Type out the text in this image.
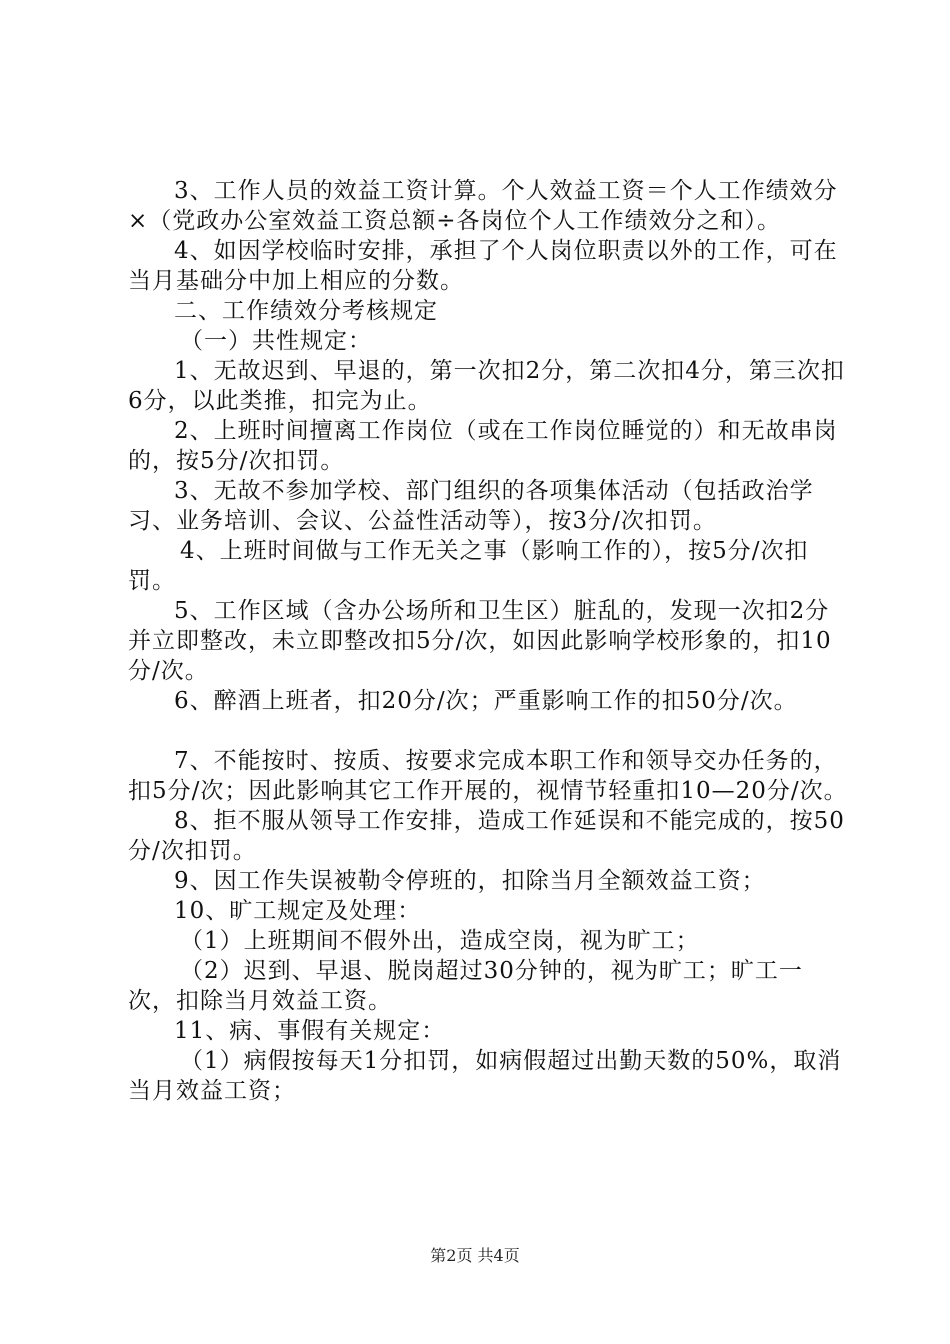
3、工作人员的效益工资计算。个人效益工资＝个人工作绩效分×（党政办公室效益工资总额÷各岗位个人工作绩效分之和）。

4、如因学校临时安排，承担了个人岗位职责以外的工作，可在当月基础分中加上相应的分数。

二、工作绩效分考核规定

（一）共性规定：

1、无故迟到、早退的，第一次扣2分，第二次扣4分，第三次扣6分，以此类推，扣完为止。

2、上班时间擅离工作岗位（或在工作岗位睡觉的）和无故串岗的，按5分/次扣罚。

3、无故不参加学校、部门组织的各项集体活动（包括政治学习、业务培训、会议、公益性活动等），按3分/次扣罚。

4、上班时间做与工作无关之事（影响工作的），按5分/次扣罚。

5、工作区域（含办公场所和卫生区）脏乱的，发现一次扣2分并立即整改，未立即整改扣5分/次，如因此影响学校形象的，扣10分/次。

6、醉酒上班者，扣20分/次；严重影响工作的扣50分/次。

7、不能按时、按质、按要求完成本职工作和领导交办任务的，扣5分/次；因此影响其它工作开展的，视情节轻重扣10—20分/次。

8、拒不服从领导工作安排，造成工作延误和不能完成的，按50分/次扣罚。

9、因工作失误被勒令停班的，扣除当月全额效益工资；

10、旷工规定及处理：

（1）上班期间不假外出，造成空岗，视为旷工；

（2）迟到、早退、脱岗超过30分钟的，视为旷工；旷工一次，扣除当月效益工资。

11、病、事假有关规定：

（1）病假按每天1分扣罚，如病假超过出勤天数的50%，取消当月效益工资；

第2页 共4页
